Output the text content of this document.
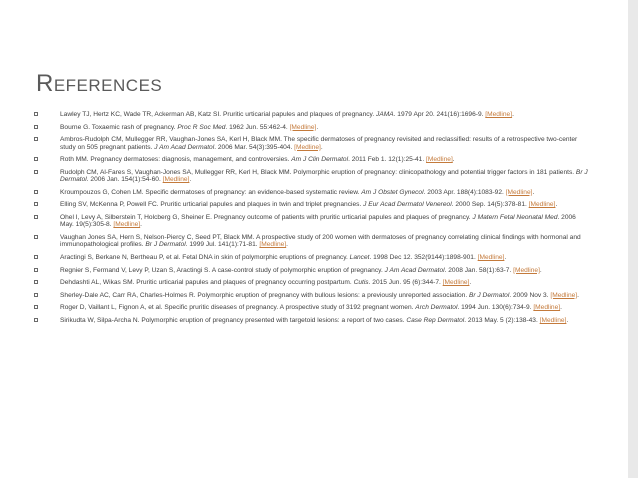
References
Lawley TJ, Hertz KC, Wade TR, Ackerman AB, Katz SI. Pruritic urticarial papules and plaques of pregnancy. JAMA. 1979 Apr 20. 241(16):1696-9. [Medline].
Bourne G. Toxaemic rash of pregnancy. Proc R Soc Med. 1962 Jun. 55:462-4. [Medline].
Ambros-Rudolph CM, Mullegger RR, Vaughan-Jones SA, Kerl H, Black MM. The specific dermatoses of pregnancy revisited and reclassified: results of a retrospective two-center study on 505 pregnant patients. J Am Acad Dermatol. 2006 Mar. 54(3):395-404. [Medline].
Roth MM. Pregnancy dermatoses: diagnosis, management, and controversies. Am J Clin Dermatol. 2011 Feb 1. 12(1):25-41. [Medline].
Rudolph CM, Al-Fares S, Vaughan-Jones SA, Mullegger RR, Kerl H, Black MM. Polymorphic eruption of pregnancy: clinicopathology and potential trigger factors in 181 patients. Br J Dermatol. 2006 Jan. 154(1):54-60. [Medline].
Kroumpouzos G, Cohen LM. Specific dermatoses of pregnancy: an evidence-based systematic review. Am J Obstet Gynecol. 2003 Apr. 188(4):1083-92. [Medline].
Elling SV, McKenna P, Powell FC. Pruritic urticarial papules and plaques in twin and triplet pregnancies. J Eur Acad Dermatol Venereol. 2000 Sep. 14(5):378-81. [Medline].
Ohel I, Levy A, Silberstein T, Holcberg G, Sheiner E. Pregnancy outcome of patients with pruritic urticarial papules and plaques of pregnancy. J Matern Fetal Neonatal Med. 2006 May. 19(5):305-8. [Medline].
Vaughan Jones SA, Hern S, Nelson-Piercy C, Seed PT, Black MM. A prospective study of 200 women with dermatoses of pregnancy correlating clinical findings with hormonal and immunopathological profiles. Br J Dermatol. 1999 Jul. 141(1):71-81. [Medline].
Aractingi S, Berkane N, Bertheau P, et al. Fetal DNA in skin of polymorphic eruptions of pregnancy. Lancet. 1998 Dec 12. 352(9144):1898-901. [Medline].
Regnier S, Fermand V, Levy P, Uzan S, Aractingi S. A case-control study of polymorphic eruption of pregnancy. J Am Acad Dermatol. 2008 Jan. 58(1):63-7. [Medline].
Dehdashti AL, Wikas SM. Pruritic urticarial papules and plaques of pregnancy occurring postpartum. Cutis. 2015 Jun. 95 (6):344-7. [Medline].
Sherley-Dale AC, Carr RA, Charles-Holmes R. Polymorphic eruption of pregnancy with bullous lesions: a previously unreported association. Br J Dermatol. 2009 Nov 3. [Medline].
Roger D, Vaillant L, Fignon A, et al. Specific pruritic diseases of pregnancy. A prospective study of 3192 pregnant women. Arch Dermatol. 1994 Jun. 130(6):734-9. [Medline].
Sirikudta W, Silpa-Archa N. Polymorphic eruption of pregnancy presented with targetoid lesions: a report of two cases. Case Rep Dermatol. 2013 May. 5 (2):138-43. [Medline].
